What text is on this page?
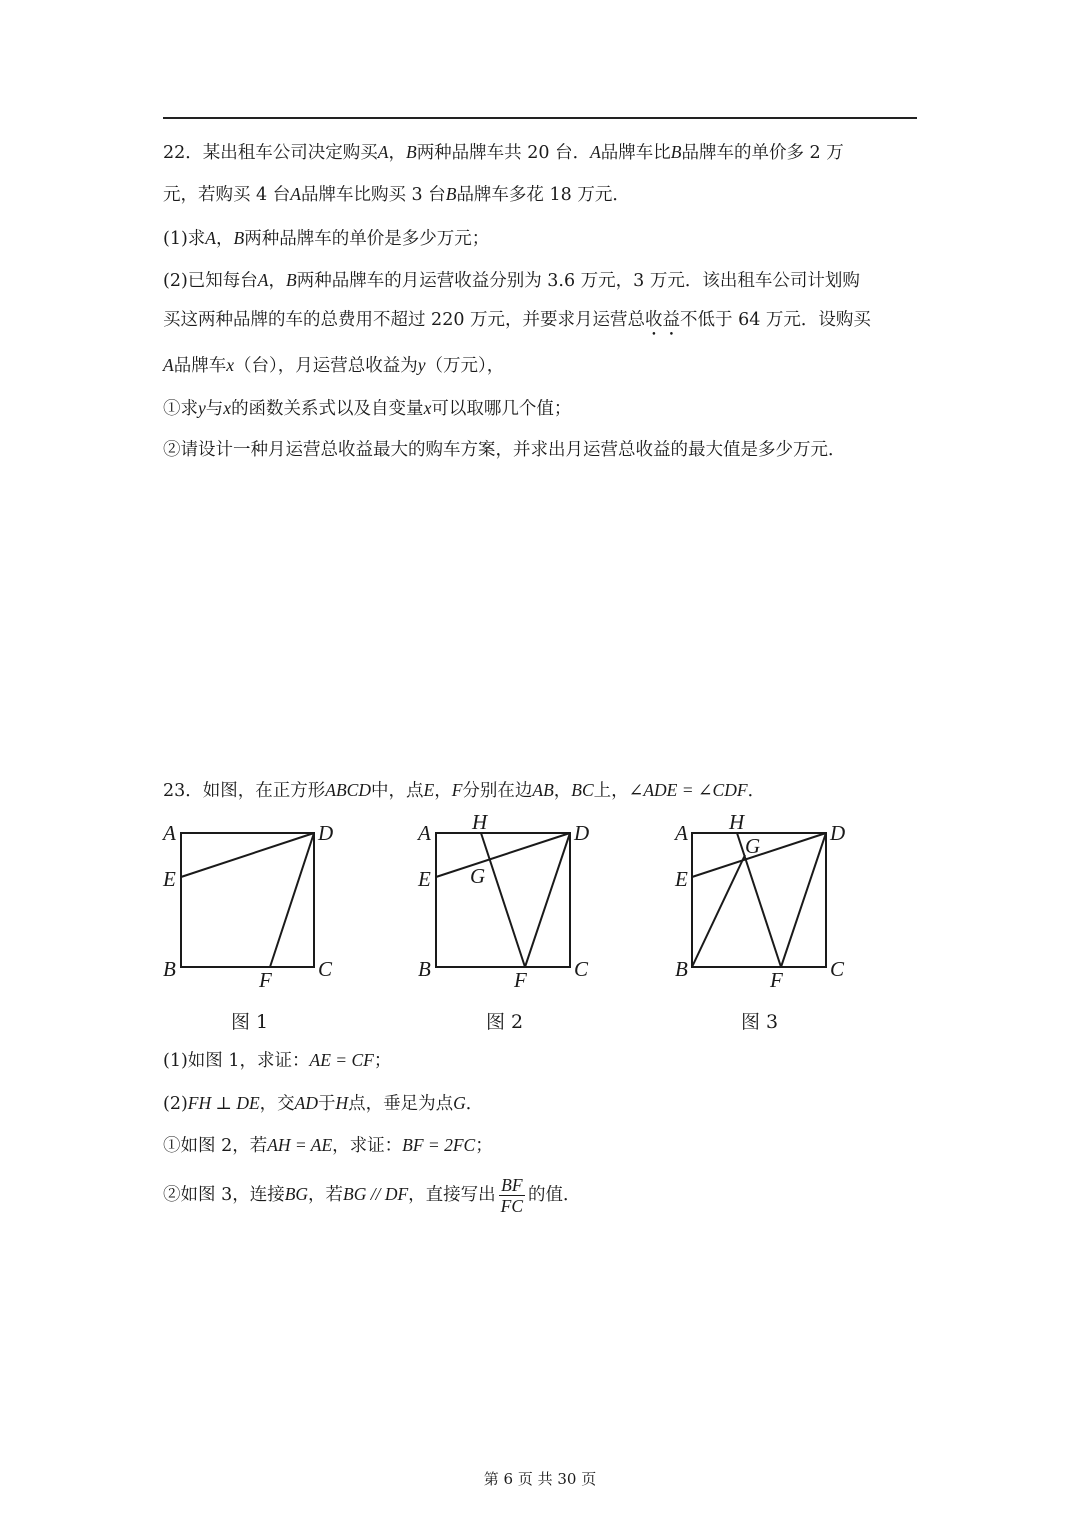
22．某出租车公司决定购买A，B两种品牌车共 20 台．A品牌车比B品牌车的单价多 2 万
元，若购买 4 台A品牌车比购买 3 台B品牌车多花 18 万元．
(1)求A，B两种品牌车的单价是多少万元；
(2)已知每台A，B两种品牌车的月运营收益分别为 3.6 万元，3 万元．该出租车公司计划购
买这两种品牌的车的总费用不超过 220 万元，并要求月运营总收益不低于 64 万元．设购买
A品牌车x（台），月运营总收益为y（万元），
①求y与x的函数关系式以及自变量x可以取哪几个值；
②请设计一种月运营总收益最大的购车方案，并求出月运营总收益的最大值是多少万元．
23．如图，在正方形ABCD中，点E，F分别在边AB，BC上，∠ADE = ∠CDF．
A	D
E
B	F C
图 1
A H	D
E G
B	F C
图 2
A H	D
G
E
B	F C
图 3
(1)如图 1，求证：AE = CF；
(2)FH ⊥ DE，交AD于H点，垂足为点G．
①如图 2，若AH = AE，求证：BF = 2FC；
②如图 3，连接BG，若BG // DF，直接写出 $\frac{BF}{FC}$ 的值．
第 6 页 共 30 页
